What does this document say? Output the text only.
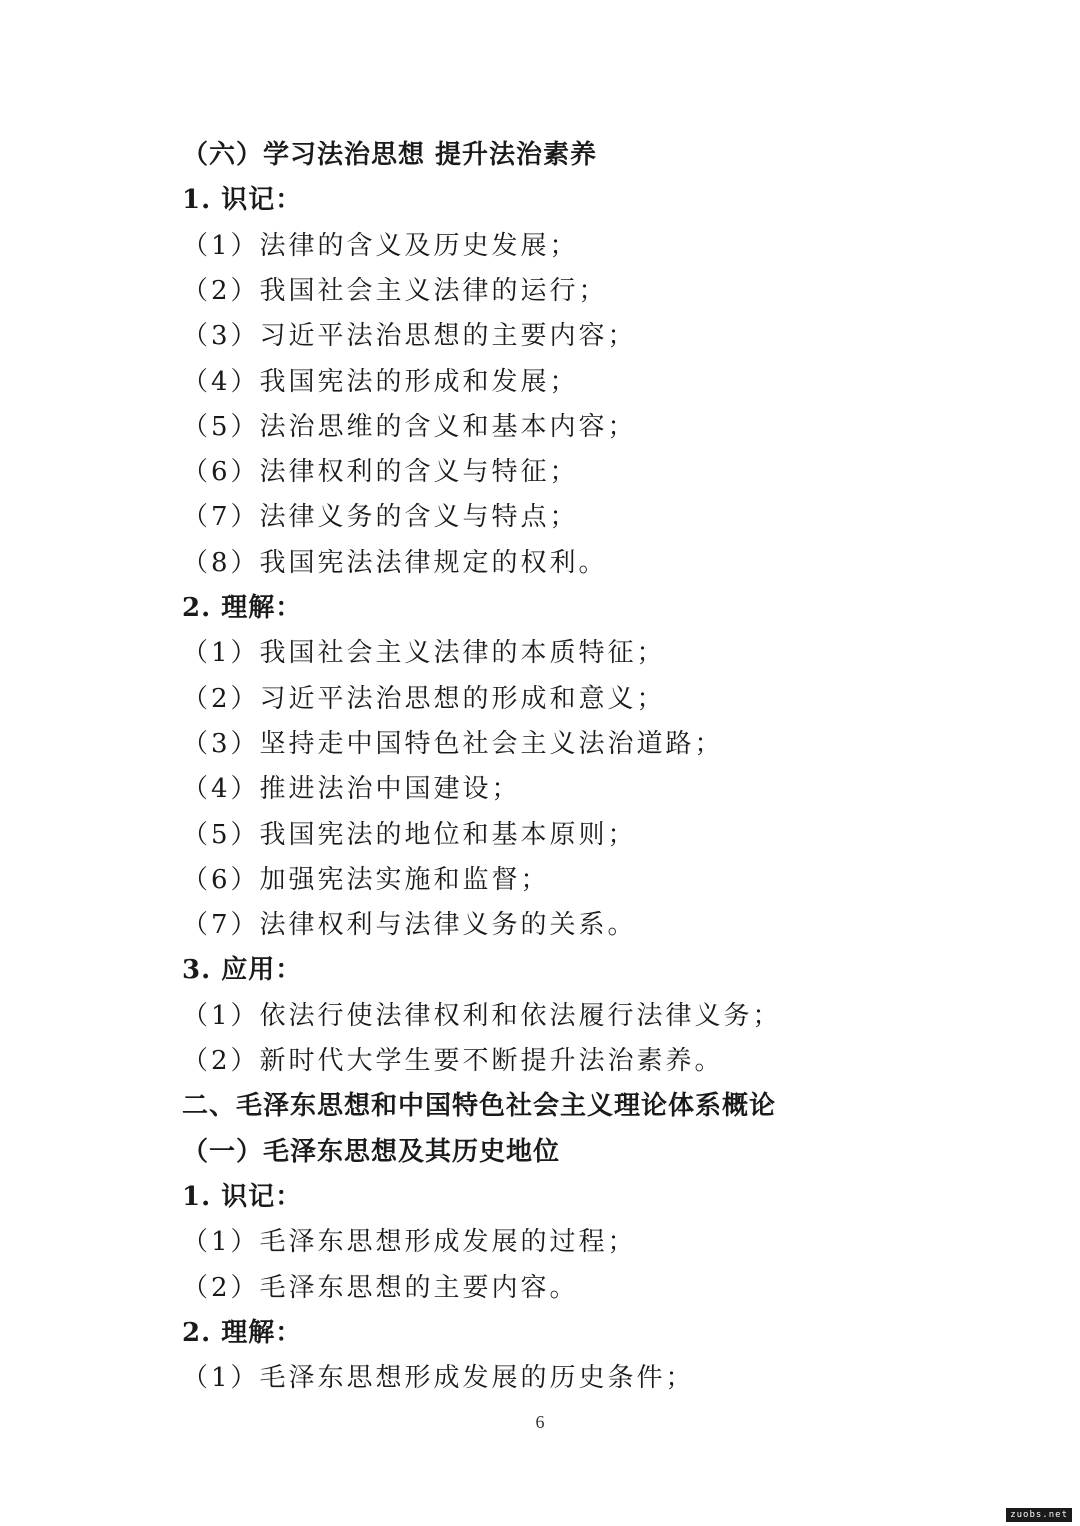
（六）学习法治思想 提升法治素养
1. 识记：
（1）法律的含义及历史发展；
（2）我国社会主义法律的运行；
（3）习近平法治思想的主要内容；
（4）我国宪法的形成和发展；
（5）法治思维的含义和基本内容；
（6）法律权利的含义与特征；
（7）法律义务的含义与特点；
（8）我国宪法法律规定的权利。
2. 理解：
（1）我国社会主义法律的本质特征；
（2）习近平法治思想的形成和意义；
（3）坚持走中国特色社会主义法治道路；
（4）推进法治中国建设；
（5）我国宪法的地位和基本原则；
（6）加强宪法实施和监督；
（7）法律权利与法律义务的关系。
3. 应用：
（1）依法行使法律权利和依法履行法律义务；
（2）新时代大学生要不断提升法治素养。
二、毛泽东思想和中国特色社会主义理论体系概论
（一）毛泽东思想及其历史地位
1. 识记：
（1）毛泽东思想形成发展的过程；
（2）毛泽东思想的主要内容。
2. 理解：
（1）毛泽东思想形成发展的历史条件；
6
zuobs.net
